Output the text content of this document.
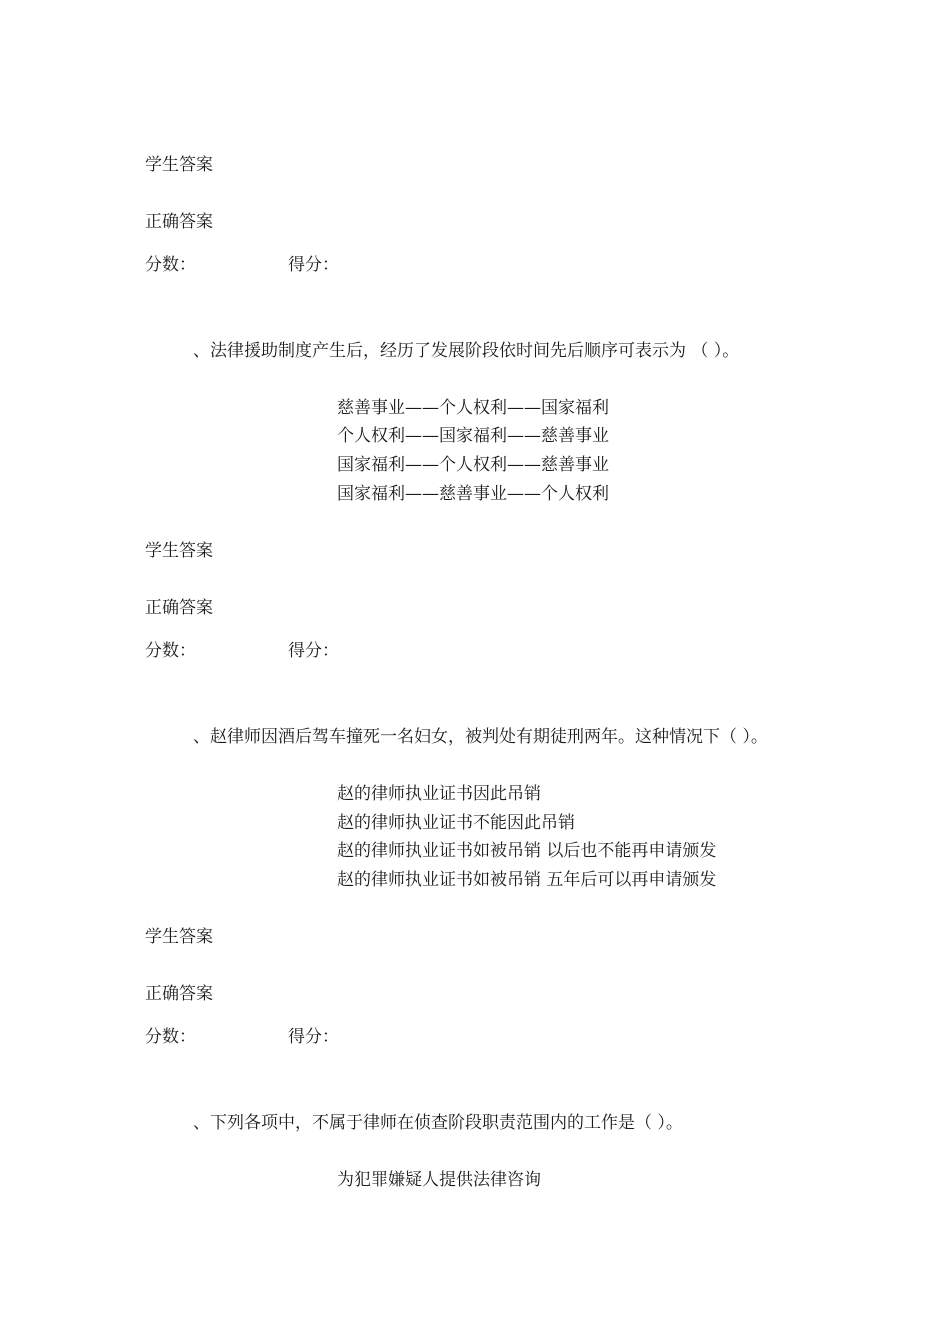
学生答案
正确答案
分数：	得分：
、法律援助制度产生后，经历了发展阶段依时间先后顺序可表示为 （ ）。
慈善事业——个人权利——国家福利
个人权利——国家福利——慈善事业
国家福利——个人权利——慈善事业
国家福利——慈善事业——个人权利
学生答案
正确答案
分数：	得分：
、赵律师因酒后驾车撞死一名妇女，被判处有期徒刑两年。这种情况下（ ）。
赵的律师执业证书因此吊销
赵的律师执业证书不能因此吊销
赵的律师执业证书如被吊销 以后也不能再申请颁发
赵的律师执业证书如被吊销 五年后可以再申请颁发
学生答案
正确答案
分数：	得分：
、下列各项中，不属于律师在侦查阶段职责范围内的工作是（ ）。
为犯罪嫌疑人提供法律咨询
